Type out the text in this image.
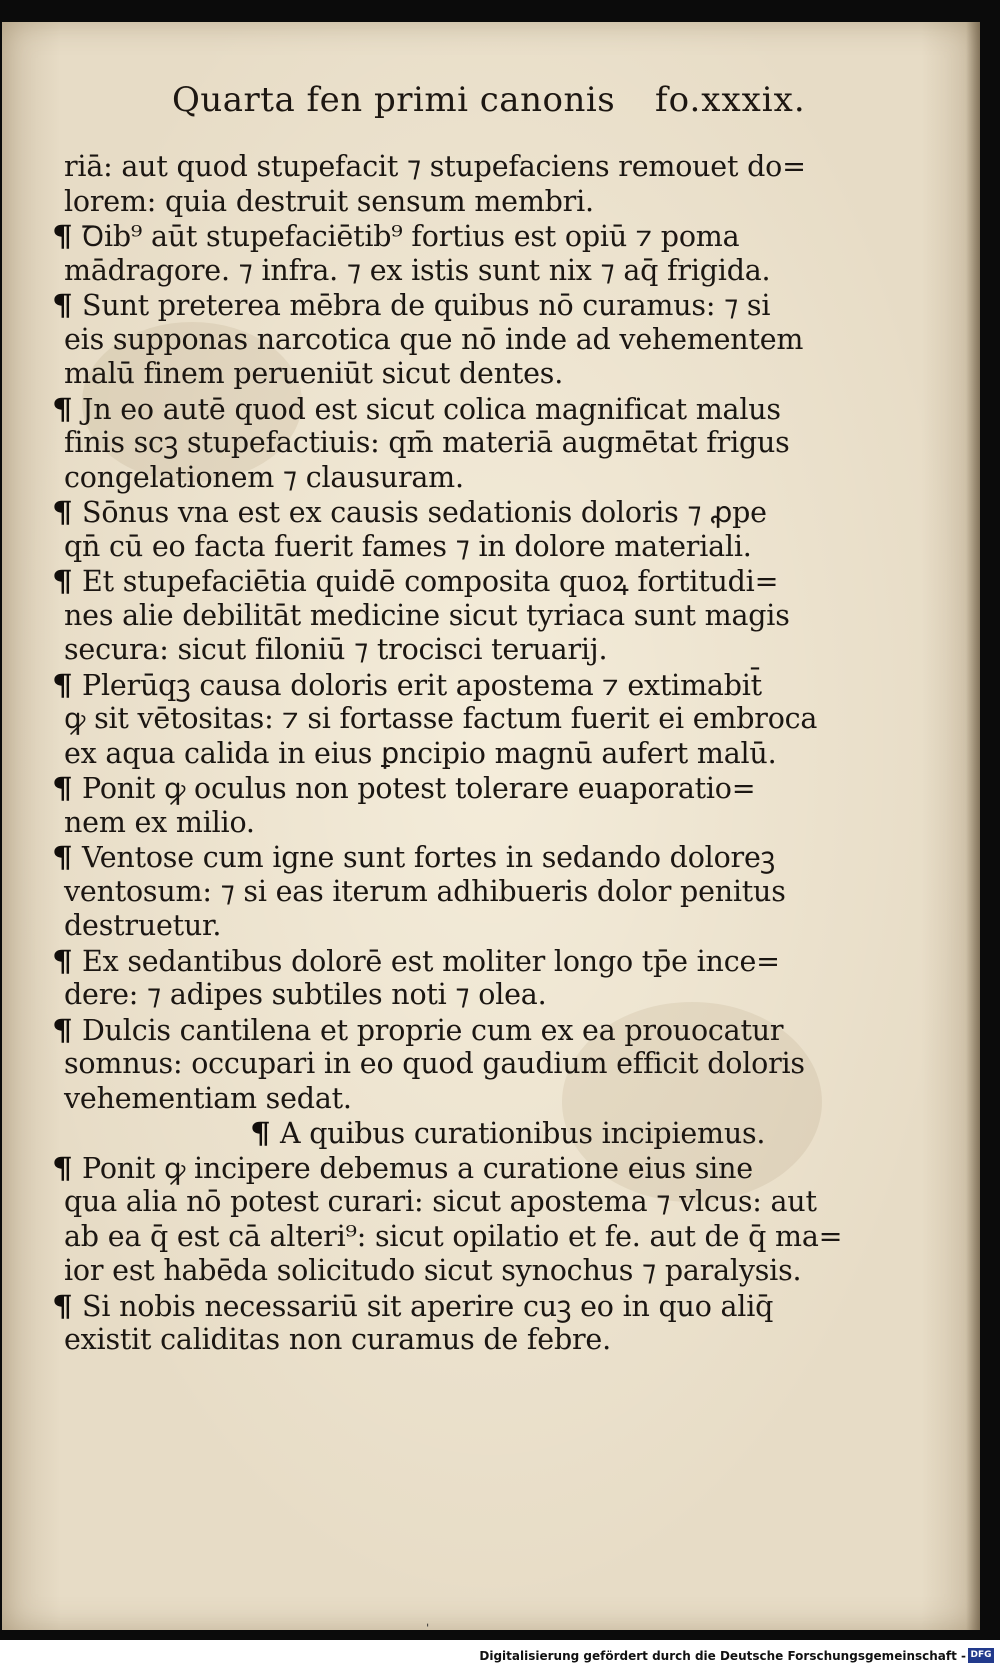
Quarta fen primi canonis fo.xxxix.
riā: aut quod stupefacit ⁊ stupefaciens remouet do=
lorem: quia destruit sensum membri.
¶ Ꝺib⁹ aūt stupefaciētib⁹ fortius est opiū ⁊ poma
mādragore. ⁊ infra. ⁊ ex istis sunt nix ⁊ aq̄ frigida.
¶ Sunt preterea mēbra de quibus nō curamus: ⁊ si
eis supponas narcotica que nō inde ad vehementem
malū finem perueniūt sicut dentes.
¶ Jn eo autē quod est sicut colica magnificat malus
finis scꝫ stupefactiuis: qm̄ materiā augmētat frigus
congelationem ⁊ clausuram.
¶ Sōnus vna est ex causis sedationis doloris ⁊ ꝓpe
qn̄ cū eo facta fuerit fames ⁊ in dolore materiali.
¶ Et stupefaciētia quidē composita quoꝝ fortitudi=
nes alie debilitāt medicine sicut tyriaca sunt magis
secura: sicut filoniū ⁊ trocisci teruarij.
¶ Plerūqꝫ causa doloris erit apostema ⁊ extimabit̄
ꝙ sit vētositas: ⁊ si fortasse factum fuerit ei embroca
ex aqua calida in eius ꝑncipio magnū aufert malū.
¶ Ponit ꝙ oculus non potest tolerare euaporatio=
nem ex milio.
¶ Ventose cum igne sunt fortes in sedando doloreꝫ
ventosum: ⁊ si eas iterum adhibueris dolor penitus
destruetur.
¶ Ex sedantibus dolorē est moliter longo tp̄e ince=
dere: ⁊ adipes subtiles noti ⁊ olea.
¶ Dulcis cantilena et proprie cum ex ea prouocatur
somnus: occupari in eo quod gaudium efficit doloris
vehementiam sedat.
¶ A quibus curationibus incipiemus.
¶ Ponit ꝙ incipere debemus a curatione eius sine
qua alia nō potest curari: sicut apostema ⁊ vlcus: aut
ab ea q̄ est cā alteri⁹: sicut opilatio et fe. aut de q̄ ma=
ior est habēda solicitudo sicut synochus ⁊ paralysis.
¶ Si nobis necessariū sit aperire cuꝫ eo in quo aliq̄
existit caliditas non curamus de febre.
ˈ
Digitalisierung gefördert durch die Deutsche Forschungsgemeinschaft - DFG
